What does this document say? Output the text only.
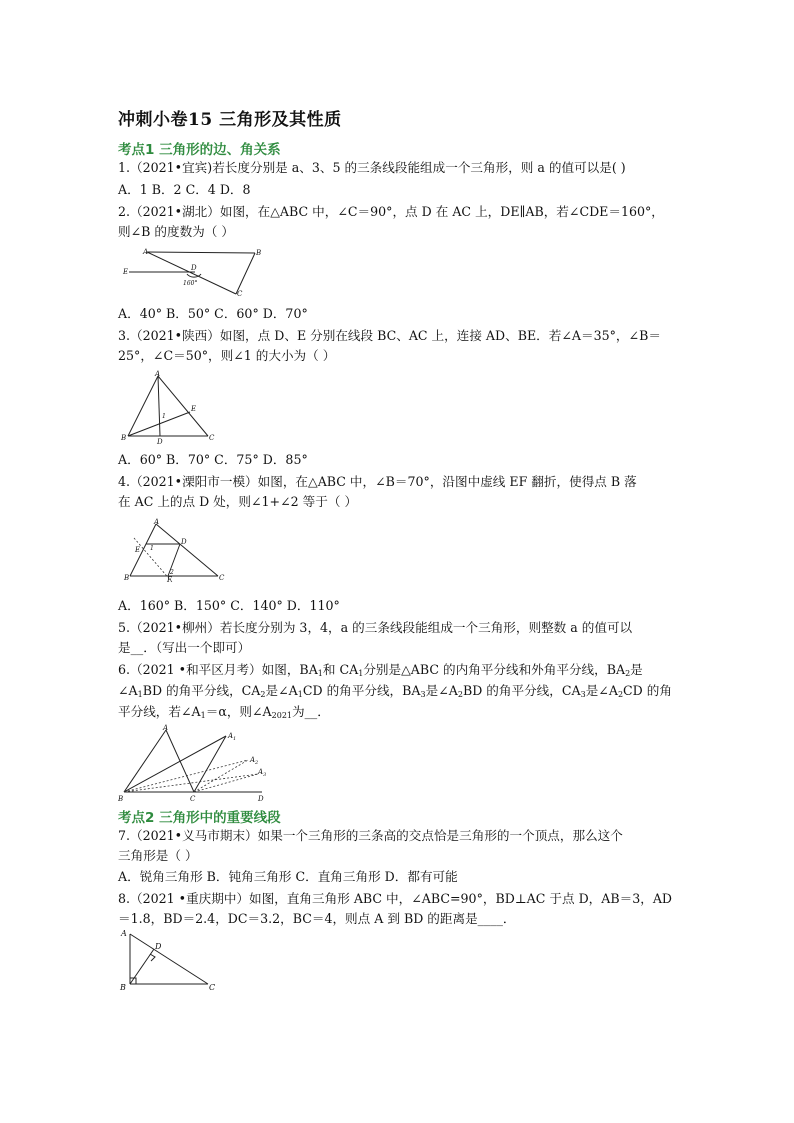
冲刺小卷15 三角形及其性质
考点1 三角形的边、角关系
1.（2021•宜宾)若长度分别是 a、3、5 的三条线段能组成一个三角形，则 a 的值可以是( )
A．1 B．2 C．4 D．8
2.（2021•湖北）如图，在△ABC 中，∠C＝90°，点 D 在 AC 上，DE∥AB，若∠CDE＝160°，
则∠B 的度数为（ ）
A	B
C
D
E
160°
A．40° B．50° C．60° D．70°
3.（2021•陕西）如图，点 D、E 分别在线段 BC、AC 上，连接 AD、BE．若∠A＝35°，∠B＝
25°，∠C＝50°，则∠1 的大小为（ ）
A
B	C
D
E
1
A．60° B．70° C．75° D．85°
4.（2021•溧阳市一模）如图，在△ABC 中，∠B＝70°，沿图中虚线 EF 翻折，使得点 B 落
在 AC 上的点 D 处，则∠1+∠2 等于（ ）
A
B	C
D
E
F
1
2
A．160° B．150° C．140° D．110°
5.（2021•柳州）若长度分别为 3，4，a 的三条线段能组成一个三角形，则整数 a 的值可以
是__．（写出一个即可）
6.（2021 •和平区月考）如图，$BA_1$和 $CA_1$分别是△ABC 的内角平分线和外角平分线，$BA_2$是
$\angle A_1BD$ 的角平分线，$CA_2$是$\angle A_1CD$ 的角平分线，$BA_3$是$\angle A_2BD$ 的角平分线，$CA_3$是$\angle A_2CD$ 的角
平分线，若$\angle A_1=\alpha$，则$\angle A_{2021}$为__．
A
A 1
A 2
A 3
B	C	D
考点2 三角形中的重要线段
7.（2021•义马市期末）如果一个三角形的三条高的交点恰是三角形的一个顶点，那么这个
三角形是（ ）
A．锐角三角形 B．钝角三角形 C．直角三角形 D．都有可能
8.（2021 •重庆期中）如图，直角三角形 ABC 中，∠ABC=90°，BD⊥AC 于点 D，AB＝3，AD
＝1.8，BD＝2.4，DC＝3.2，BC＝4，则点 A 到 BD 的距离是____．
A
B	C
D
